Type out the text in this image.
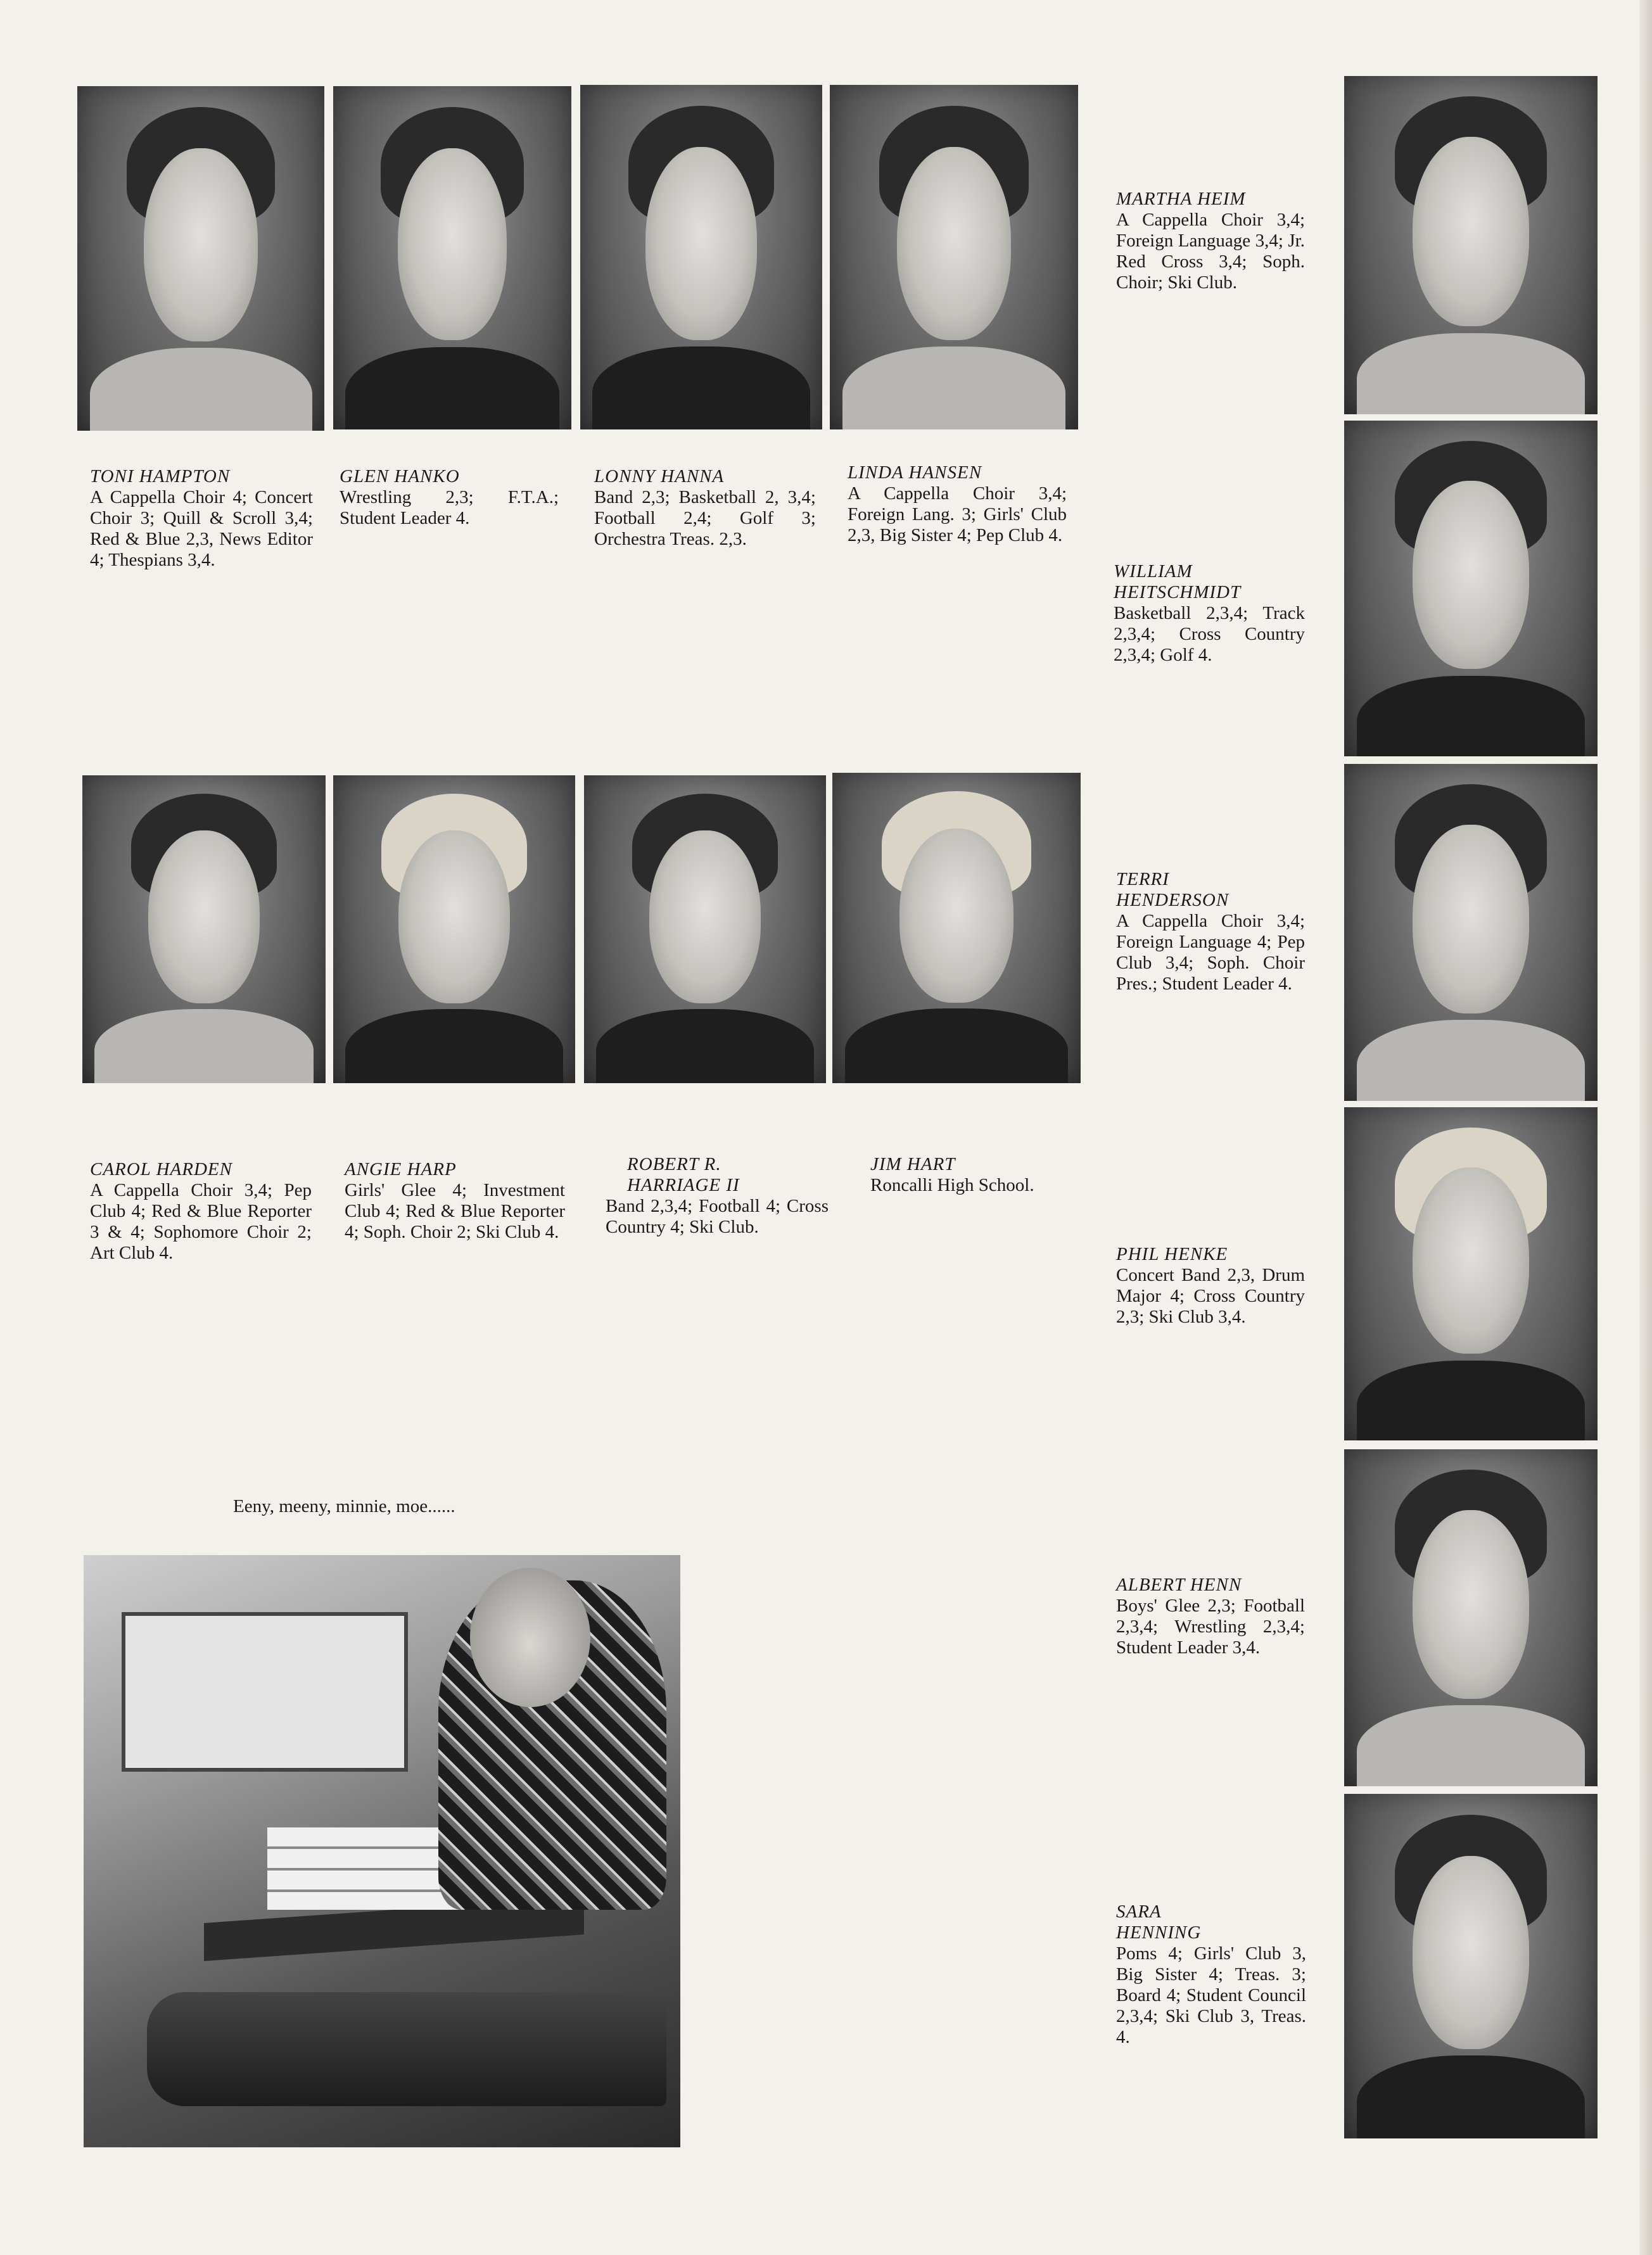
TONI HAMPTON
A Cappella Choir 4; Concert Choir 3; Quill & Scroll 3,4; Red & Blue 2,3, News Editor 4; Thespians 3,4.
GLEN HANKO
Wrestling 2,3; F.T.A.; Student Leader 4.
LONNY HANNA
Band 2,3; Basketball 2, 3,4; Football 2,4; Golf 3; Orchestra Treas. 2,3.
LINDA HANSEN
A Cappella Choir 3,4; Foreign Lang. 3; Girls' Club 2,3, Big Sister 4; Pep Club 4.
CAROL HARDEN
A Cappella Choir 3,4; Pep Club 4; Red & Blue Reporter 3 & 4; Sophomore Choir 2; Art Club 4.
ANGIE HARP
Girls' Glee 4; Investment Club 4; Red & Blue Reporter 4; Soph. Choir 2; Ski Club 4.
ROBERT R.
HARRIAGE II
Band 2,3,4; Football 4; Cross Country 4; Ski Club.
JIM HART
Roncalli High School.
MARTHA HEIM
A Cappella Choir 3,4; Foreign Language 3,4; Jr. Red Cross 3,4; Soph. Choir; Ski Club.
WILLIAM
HEITSCHMIDT
Basketball 2,3,4; Track 2,3,4; Cross Country 2,3,4; Golf 4.
TERRI
HENDERSON
A Cappella Choir 3,4; Foreign Language 4; Pep Club 3,4; Soph. Choir Pres.; Student Leader 4.
PHIL HENKE
Concert Band 2,3, Drum Major 4; Cross Country 2,3; Ski Club 3,4.
ALBERT HENN
Boys' Glee 2,3; Football 2,3,4; Wrestling 2,3,4; Student Leader 3,4.
SARA
HENNING
Poms 4; Girls' Club 3, Big Sister 4; Treas. 3; Board 4; Student Council 2,3,4; Ski Club 3, Treas. 4.
Eeny, meeny, minnie, moe......
